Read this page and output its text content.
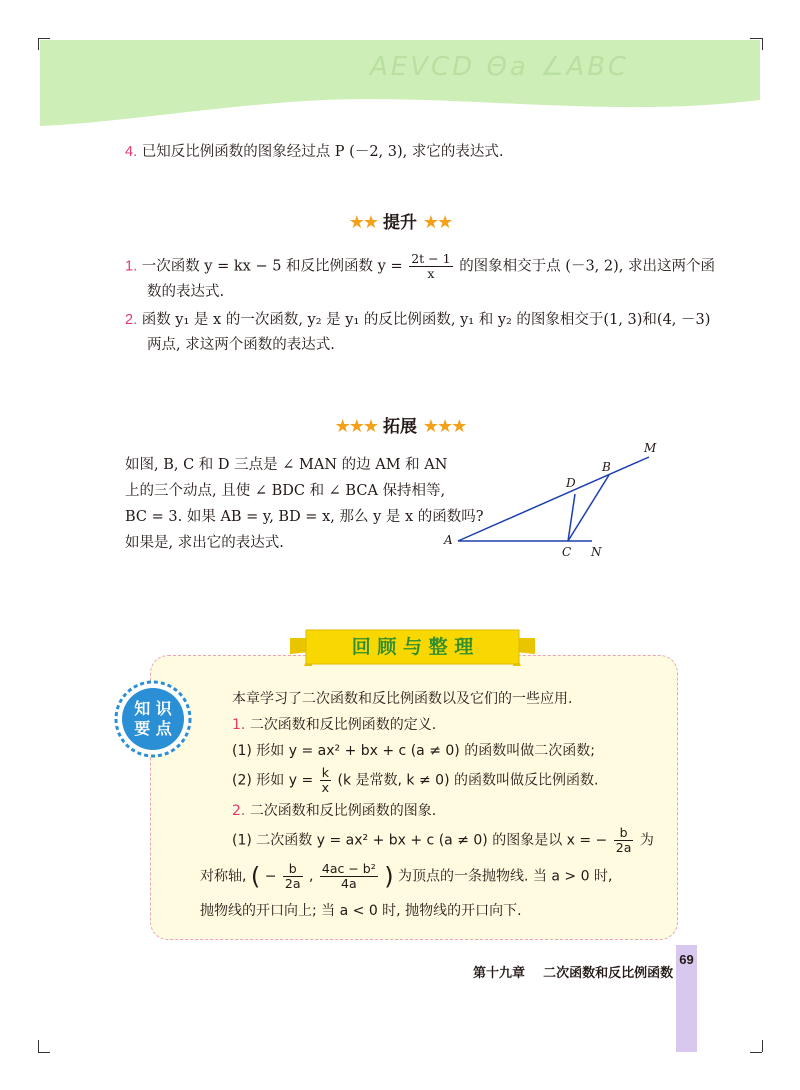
AEVCD Θa ∠ABC
4. 已知反比例函数的图象经过点 P (－2, 3), 求它的表达式.
★★ 提升 ★★
1. 一次函数 y = kx − 5 和反比例函数 $y = \frac{2t - 1}{x}$ 的图象相交于点 (－3, 2), 求出这两个函
数的表达式.
2. 函数 y₁ 是 x 的一次函数, y₂ 是 y₁ 的反比例函数, y₁ 和 y₂ 的图象相交于(1, 3)和(4, －3)
两点, 求这两个函数的表达式.
★★★ 拓展 ★★★
如图, B, C 和 D 三点是 ∠ MAN 的边 AM 和 AN
上的三个动点, 且使 ∠ BDC 和 ∠ BCA 保持相等,
BC = 3. 如果 AB = y, BD = x, 那么 y 是 x 的函数吗?
如果是, 求出它的表达式.
M
B
D
A
C N
回 顾 与 整 理
知 识
要 点
本章学习了二次函数和反比例函数以及它们的一些应用.
1. 二次函数和反比例函数的定义.
(1) 形如 y = ax² + bx + c (a ≠ 0) 的函数叫做二次函数;
(2) 形如 $y = \frac{k}{x} (k$ 是常数, k ≠ 0) 的函数叫做反比例函数.
2. 二次函数和反比例函数的图象.
(1) 二次函数 y = ax² + bx + c (a ≠ 0) 的图象是以 x = − $\frac{b}{2a}$ 为
对称轴, ( − $\frac{b}{2a}$ , $\frac{\text{4ac − b²}}{4a}$ ) 为顶点的一条抛物线. 当 a > 0 时,
抛物线的开口向上; 当 a < 0 时, 抛物线的开口向下.
第十九章    二次函数和反比例函数
69
